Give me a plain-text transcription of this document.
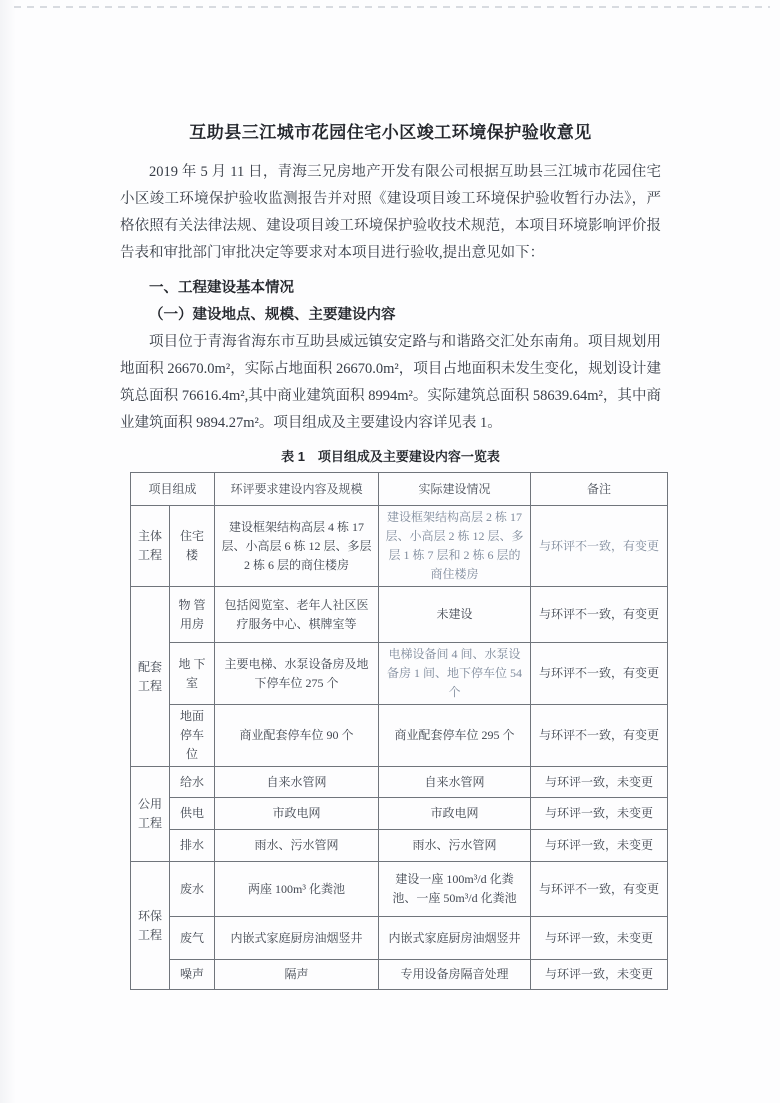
互助县三江城市花园住宅小区竣工环境保护验收意见

2019 年 5 月 11 日，青海三兄房地产开发有限公司根据互助县三江城市花园住宅小区竣工环境保护验收监测报告并对照《建设项目竣工环境保护验收暂行办法》，严格依照有关法律法规、建设项目竣工环境保护验收技术规范，本项目环境影响评价报告表和审批部门审批决定等要求对本项目进行验收,提出意见如下：

一、工程建设基本情况

（一）建设地点、规模、主要建设内容

项目位于青海省海东市互助县威远镇安定路与和谐路交汇处东南角。项目规划用地面积 26670.0m²，实际占地面积 26670.0m²，项目占地面积未发生变化，规划设计建筑总面积 76616.4m²,其中商业建筑面积 8994m²。实际建筑总面积 58639.64m²，其中商业建筑面积 9894.27m²。项目组成及主要建设内容详见表 1。

表 1　项目组成及主要建设内容一览表

项目组成		环评要求建设内容及规模	实际建设情况	备注
主体工程	住宅楼	建设框架结构高层 4 栋 17 层、小高层 6 栋 12 层、多层 2 栋 6 层的商住楼房	建设框架结构高层 2 栋 17 层、小高层 2 栋 12 层、多层 1 栋 7 层和 2 栋 6 层的商住楼房	与环评不一致，有变更
配套工程	物 管用房	包括阅览室、老年人社区医疗服务中心、棋牌室等	未建设	与环评不一致，有变更
	地 下室	主要电梯、水泵设备房及地下停车位 275 个	电梯设备间 4 间、水泵设备房 1 间、地下停车位 54 个	与环评不一致，有变更
	地面停车位	商业配套停车位 90 个	商业配套停车位 295 个	与环评不一致，有变更
公用工程	给水	自来水管网	自来水管网	与环评一致，未变更
	供电	市政电网	市政电网	与环评一致，未变更
	排水	雨水、污水管网	雨水、污水管网	与环评一致，未变更
环保工程	废水	两座 100m³ 化粪池	建设一座 100m³/d 化粪池、一座 50m³/d 化粪池	与环评不一致，有变更
	废气	内嵌式家庭厨房油烟竖井	内嵌式家庭厨房油烟竖井	与环评一致，未变更
	噪声	隔声	专用设备房隔音处理	与环评一致，未变更
